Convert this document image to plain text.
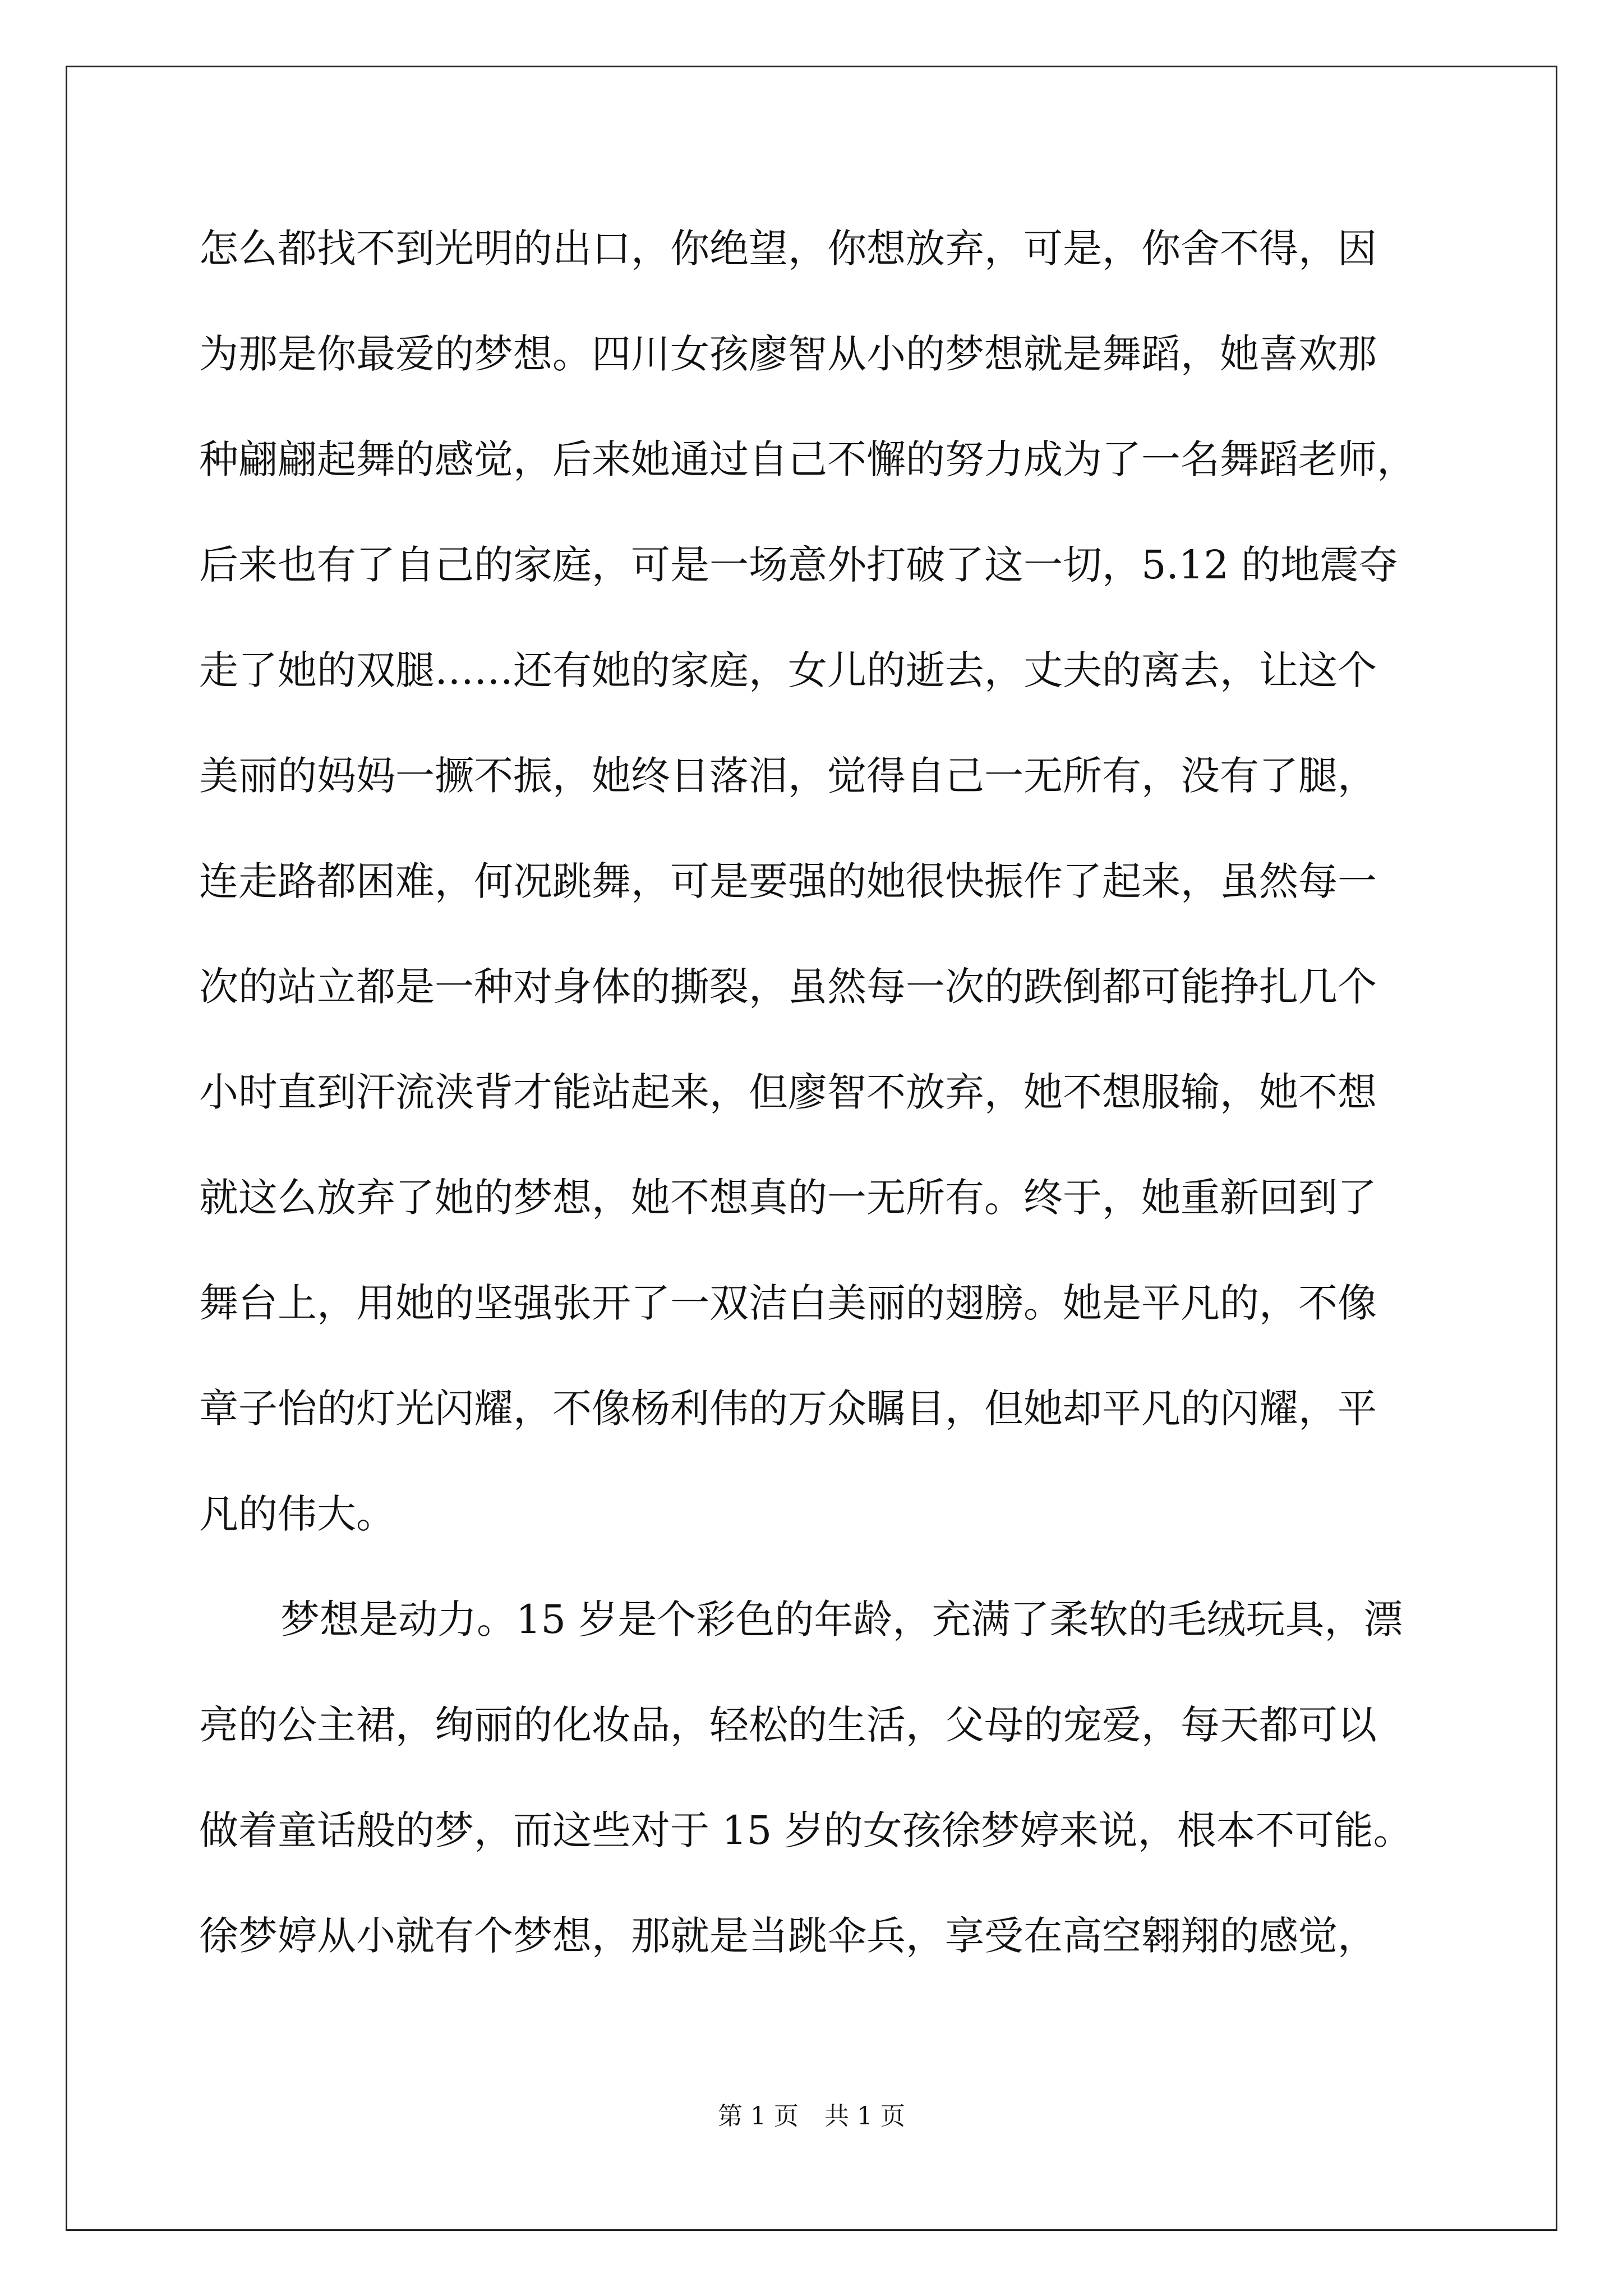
怎么都找不到光明的出口，你绝望，你想放弃，可是，你舍不得，因
为那是你最爱的梦想。四川女孩廖智从小的梦想就是舞蹈，她喜欢那
种翩翩起舞的感觉，后来她通过自己不懈的努力成为了一名舞蹈老师，
后来也有了自己的家庭，可是一场意外打破了这一切，5.12 的地震夺
走了她的双腿……还有她的家庭，女儿的逝去，丈夫的离去，让这个
美丽的妈妈一撅不振，她终日落泪，觉得自己一无所有，没有了腿，
连走路都困难，何况跳舞，可是要强的她很快振作了起来，虽然每一
次的站立都是一种对身体的撕裂，虽然每一次的跌倒都可能挣扎几个
小时直到汗流浃背才能站起来，但廖智不放弃，她不想服输，她不想
就这么放弃了她的梦想，她不想真的一无所有。终于，她重新回到了
舞台上，用她的坚强张开了一双洁白美丽的翅膀。她是平凡的，不像
章子怡的灯光闪耀，不像杨利伟的万众瞩目，但她却平凡的闪耀，平
凡的伟大。
梦想是动力。15 岁是个彩色的年龄，充满了柔软的毛绒玩具，漂
亮的公主裙，绚丽的化妆品，轻松的生活，父母的宠爱，每天都可以
做着童话般的梦，而这些对于 15 岁的女孩徐梦婷来说，根本不可能。
徐梦婷从小就有个梦想，那就是当跳伞兵，享受在高空翱翔的感觉，
第 1 页 共 1 页
